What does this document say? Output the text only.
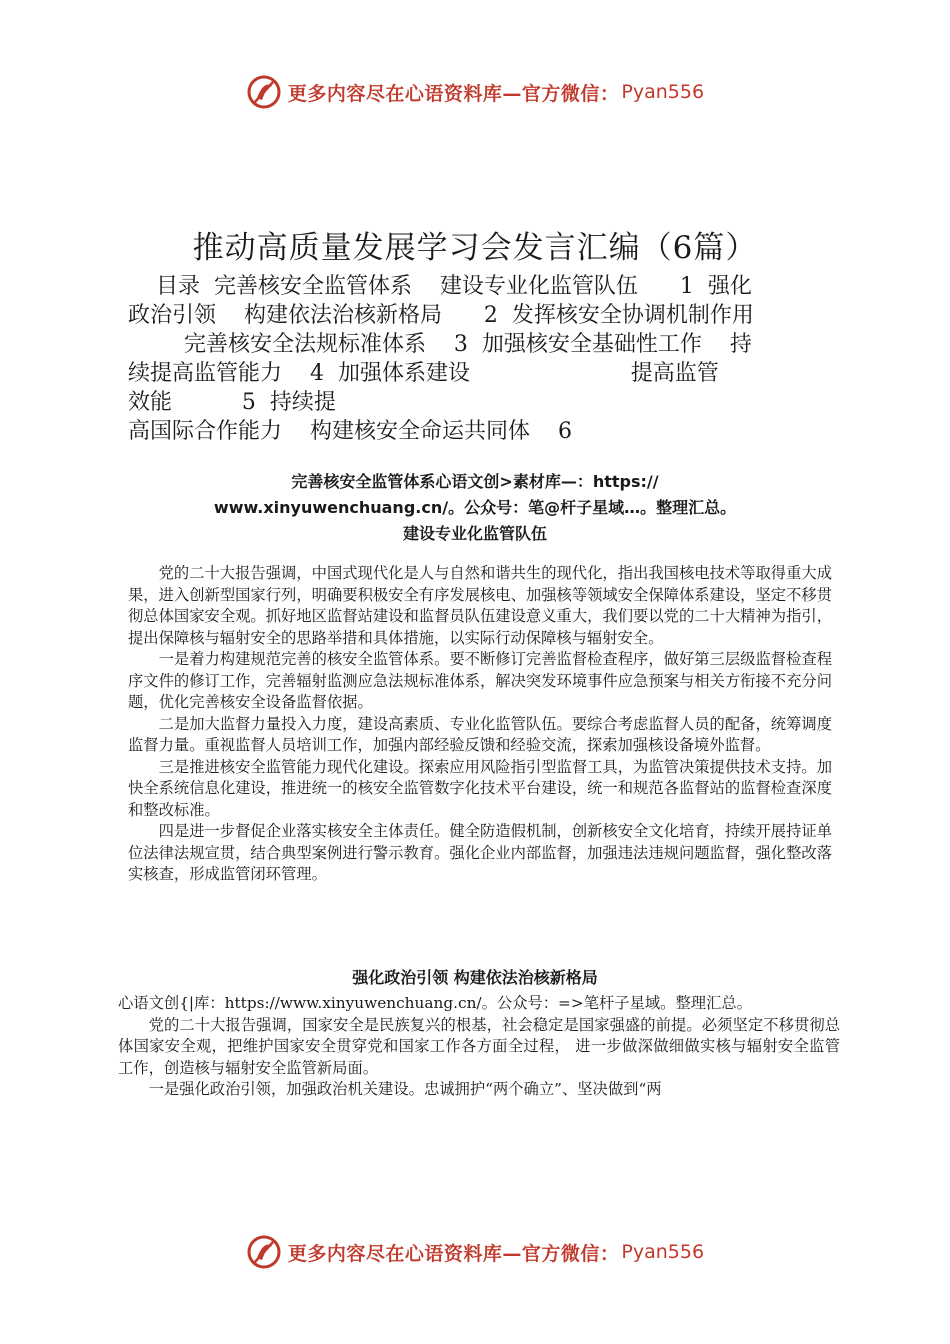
更多内容尽在心语资料库—官方微信： Pyan556
推动高质量发展学习会发言汇编（6篇）

目录  完善核安全监管体系    建设专业化监管队伍      1  强化

政治引领    构建依法治核新格局      2  发挥核安全协调机制作用

完善核安全法规标准体系    3  加强核安全基础性工作    持

续提高监管能力    4  加强体系建设                       提高监管

效能          5  持续提

高国际合作能力    构建核安全命运共同体    6

完善核安全监管体系心语文创>素材库—：https://
www.xinyuwenchuang.cn/。公众号：笔@杆子星域…。整理汇总。
建设专业化监管队伍

党的二十大报告强调，中国式现代化是人与自然和谐共生的现代化，指出我国核电技术等取得重大成果，进入创新型国家行列，明确要积极安全有序发展核电、加强核等领域安全保障体系建设，坚定不移贯彻总体国家安全观。抓好地区监督站建设和监督员队伍建设意义重大，我们要以党的二十大精神为指引，提出保障核与辐射安全的思路举措和具体措施，以实际行动保障核与辐射安全。

一是着力构建规范完善的核安全监管体系。要不断修订完善监督检查程序，做好第三层级监督检查程序文件的修订工作，完善辐射监测应急法规标准体系，解决突发环境事件应急预案与相关方衔接不充分问题，优化完善核安全设备监督依据。

二是加大监督力量投入力度，建设高素质、专业化监管队伍。要综合考虑监督人员的配备，统筹调度监督力量。重视监督人员培训工作，加强内部经验反馈和经验交流，探索加强核设备境外监督。

三是推进核安全监管能力现代化建设。探索应用风险指引型监督工具，为监管决策提供技术支持。加快全系统信息化建设，推进统一的核安全监管数字化技术平台建设，统一和规范各监督站的监督检查深度和整改标准。

四是进一步督促企业落实核安全主体责任。健全防造假机制，创新核安全文化培育，持续开展持证单位法律法规宣贯，结合典型案例进行警示教育。强化企业内部监督，加强违法违规问题监督，强化整改落实核查，形成监管闭环管理。

强化政治引领 构建依法治核新格局

心语文创{|库：https://www.xinyuwenchuang.cn/。公众号：=>笔杆子星域。整理汇总。

党的二十大报告强调，国家安全是民族复兴的根基，社会稳定是国家强盛的前提。必须坚定不移贯彻总体国家安全观，把维护国家安全贯穿党和国家工作各方面全过程， 进一步做深做细做实核与辐射安全监管工作，创造核与辐射安全监管新局面。

一是强化政治引领，加强政治机关建设。忠诚拥护“两个确立”、坚决做到“两

更多内容尽在心语资料库—官方微信： Pyan556
